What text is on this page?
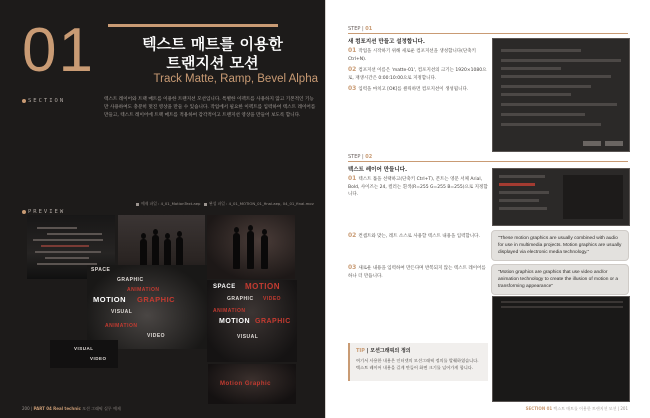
01	텍스트 매트를 이용한
트랜지션 모션
Track Matte, Ramp, Bevel Alpha
SECTION	텍스트 레이어와 트랙 매트를 이용한 트랜지션 모션입니다. 특별한 이펙트를 사용하지 않고 기본적인 기능만 사용하여도 충분히 멋진 영상을 만들 수 있습니다. 작업에서 필요한 이펙트를 입력하여 텍스트 레이어를 만들고, 텍스트 레이어에 트랙 매트를 적용하여 감각적이고 트랜지션 영상을 만들어 보도록 합니다.
예제 파일 : 4_01_MotionText.aep 완성 파일 : 4_01_MOTION_01_final.aep, 04_01_final.mov
PREVIEW
SPACE
GRAPHIC
ANIMATION
MOTION GRAPHIC
VISUAL
ANIMATION
VIDEO
SPACE MOTION
GRAPHIC VIDEO
ANIMATION
MOTION GRAPHIC
VISUAL
VISUAL
VIDEO
Motion Graphic
200 | PART 04 Real technic 모션 그래픽 실무 예제
STEP | 01
새 컴포지션 만들고 설정합니다.
01 작업을 시작하기 위해 새로운 컴포지션을 생성합니다(단축키 Ctrl+N).
02 컴포지션 이름은 'matte-01', 컴포지션의 크기는 1920×1080으로, 재생시간은 0:00:10:00으로 지정합니다.
03 입력을 마치고 [OK]를 클릭하면 컴포지션이 생성됩니다.
STEP | 02
텍스트 레이어 만들니다.
01 텍스트 툴을 선택하고(단축키 Ctrl+T), 폰트는 영문 서체 Arial, Bold, 사이즈는 24, 컬러는 흰색(R=255 G=255 B=255)으로 지정합니다.
02 컨셉트와 맞는, 레트 소스로 사용할 텍스트 내용을 입력합니다.	"These motion graphics are usually combined with audio for use in multimedia projects. Motion graphics are usually displayed via electronic media technology."
03 새로운 내용을 입력하여 만든다며 반복되지 않는 텍스트 레이어를 하나 더 만듭니다.
"Motion graphics are graphics that use video and/or animation technology to create the illusion of motion or a transforming appearance"
TIP | 모션그래픽의 정의
여기서 사용한 내용은 인터넷의 모션그래픽 정의를 발췌하였습니다. 텍스트 레이어 내용을 길게 만들어 화면 크기를 넘어가게 합니다.
SECTION 01 텍스트 매트를 이용한 트랜지션 모션 | 201
